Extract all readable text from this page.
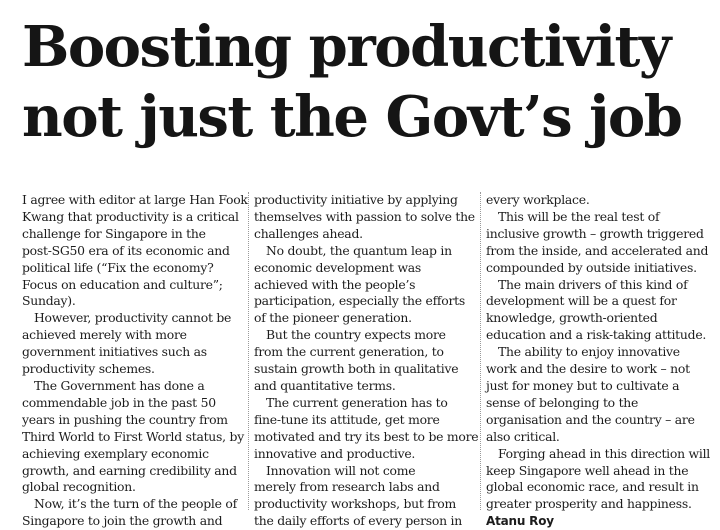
Boosting productivity
not just the Govt’s job

I agree with editor at large Han Fook
Kwang that productivity is a critical
challenge for Singapore in the
post-SG50 era of its economic and
political life (“Fix the economy?
Focus on education and culture”;
Sunday).

However, productivity cannot be
achieved merely with more
government initiatives such as
productivity schemes.

The Government has done a
commendable job in the past 50
years in pushing the country from
Third World to First World status, by
achieving exemplary economic
growth, and earning credibility and
global recognition.

Now, it’s the turn of the people of
Singapore to join the growth and

productivity initiative by applying
themselves with passion to solve the
challenges ahead.

No doubt, the quantum leap in
economic development was
achieved with the people’s
participation, especially the efforts
of the pioneer generation.

But the country expects more
from the current generation, to
sustain growth both in qualitative
and quantitative terms.

The current generation has to
fine-tune its attitude, get more
motivated and try its best to be more
innovative and productive.

Innovation will not come
merely from research labs and
productivity workshops, but from
the daily efforts of every person in

every workplace.

This will be the real test of
inclusive growth – growth triggered
from the inside, and accelerated and
compounded by outside initiatives.

The main drivers of this kind of
development will be a quest for
knowledge, growth-oriented
education and a risk-taking attitude.

The ability to enjoy innovative
work and the desire to work – not
just for money but to cultivate a
sense of belonging to the
organisation and the country – are
also critical.

Forging ahead in this direction will
keep Singapore well ahead in the
global economic race, and result in
greater prosperity and happiness.

Atanu Roy
